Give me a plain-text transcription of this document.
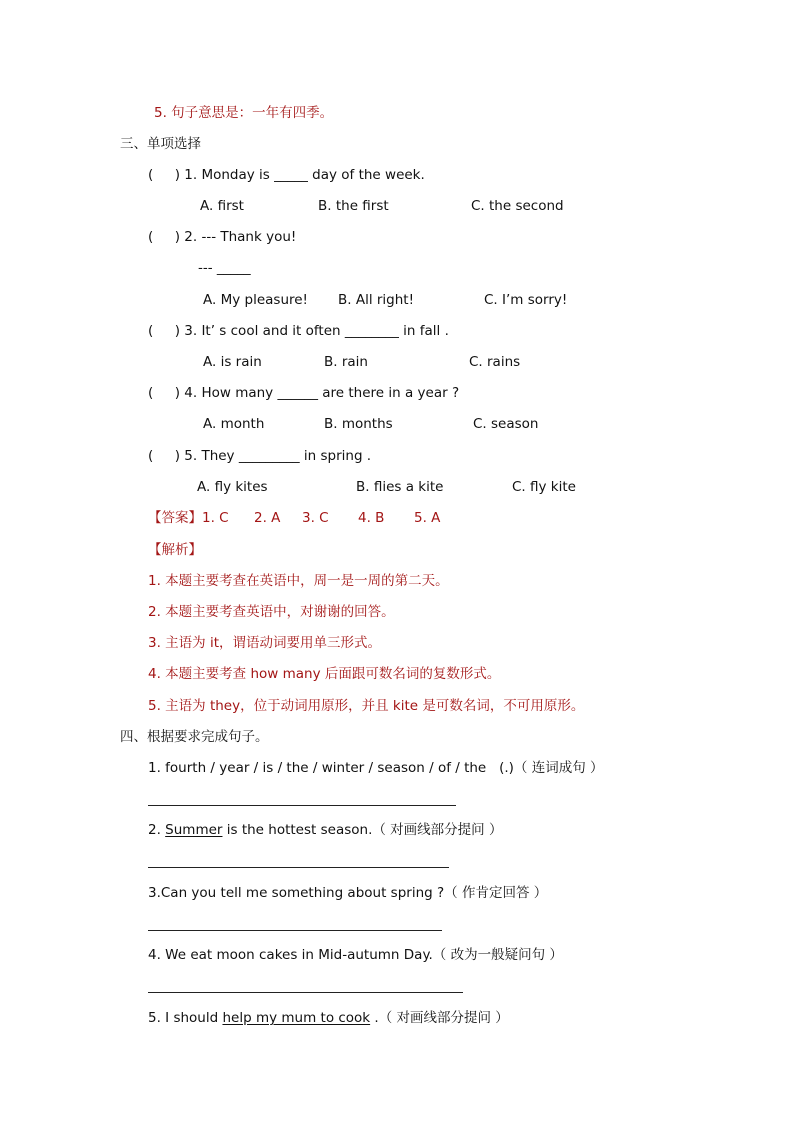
5. 句子意思是：一年有四季。
三、单项选择
(     ) 1. Monday is _____ day of the week.
A. first	B. the first	C. the second
(     ) 2. --- Thank you!
--- _____
A. My pleasure! B. All right!	C. I’m sorry!
(     ) 3. It’ s cool and it often ________ in fall .
A. is rain	B. rain	C. rains
(     ) 4. How many ______ are there in a year ?
A. month	B. months	C. season
(     ) 5. They _________ in spring .
A. fly kites	B. flies a kite	C. fly kite
【答案】1. C	2. A 3. C 4. B 5. A
【解析】
1. 本题主要考查在英语中，周一是一周的第二天。
2. 本题主要考查英语中，对谢谢的回答。
3. 主语为 it，谓语动词要用单三形式。
4. 本题主要考查 how many 后面跟可数名词的复数形式。
5. 主语为 they，位于动词用原形，并且 kite 是可数名词，不可用原形。
四、根据要求完成句子。
1. fourth / year / is / the / winter / season / of / the   (.)（ 连词成句 ）
2. Summer is the hottest season.（ 对画线部分提问 ）
3.Can you tell me something about spring ?（ 作肯定回答 ）
4. We eat moon cakes in Mid-autumn Day.（ 改为一般疑问句 ）
5. I should help my mum to cook .（ 对画线部分提问 ）
